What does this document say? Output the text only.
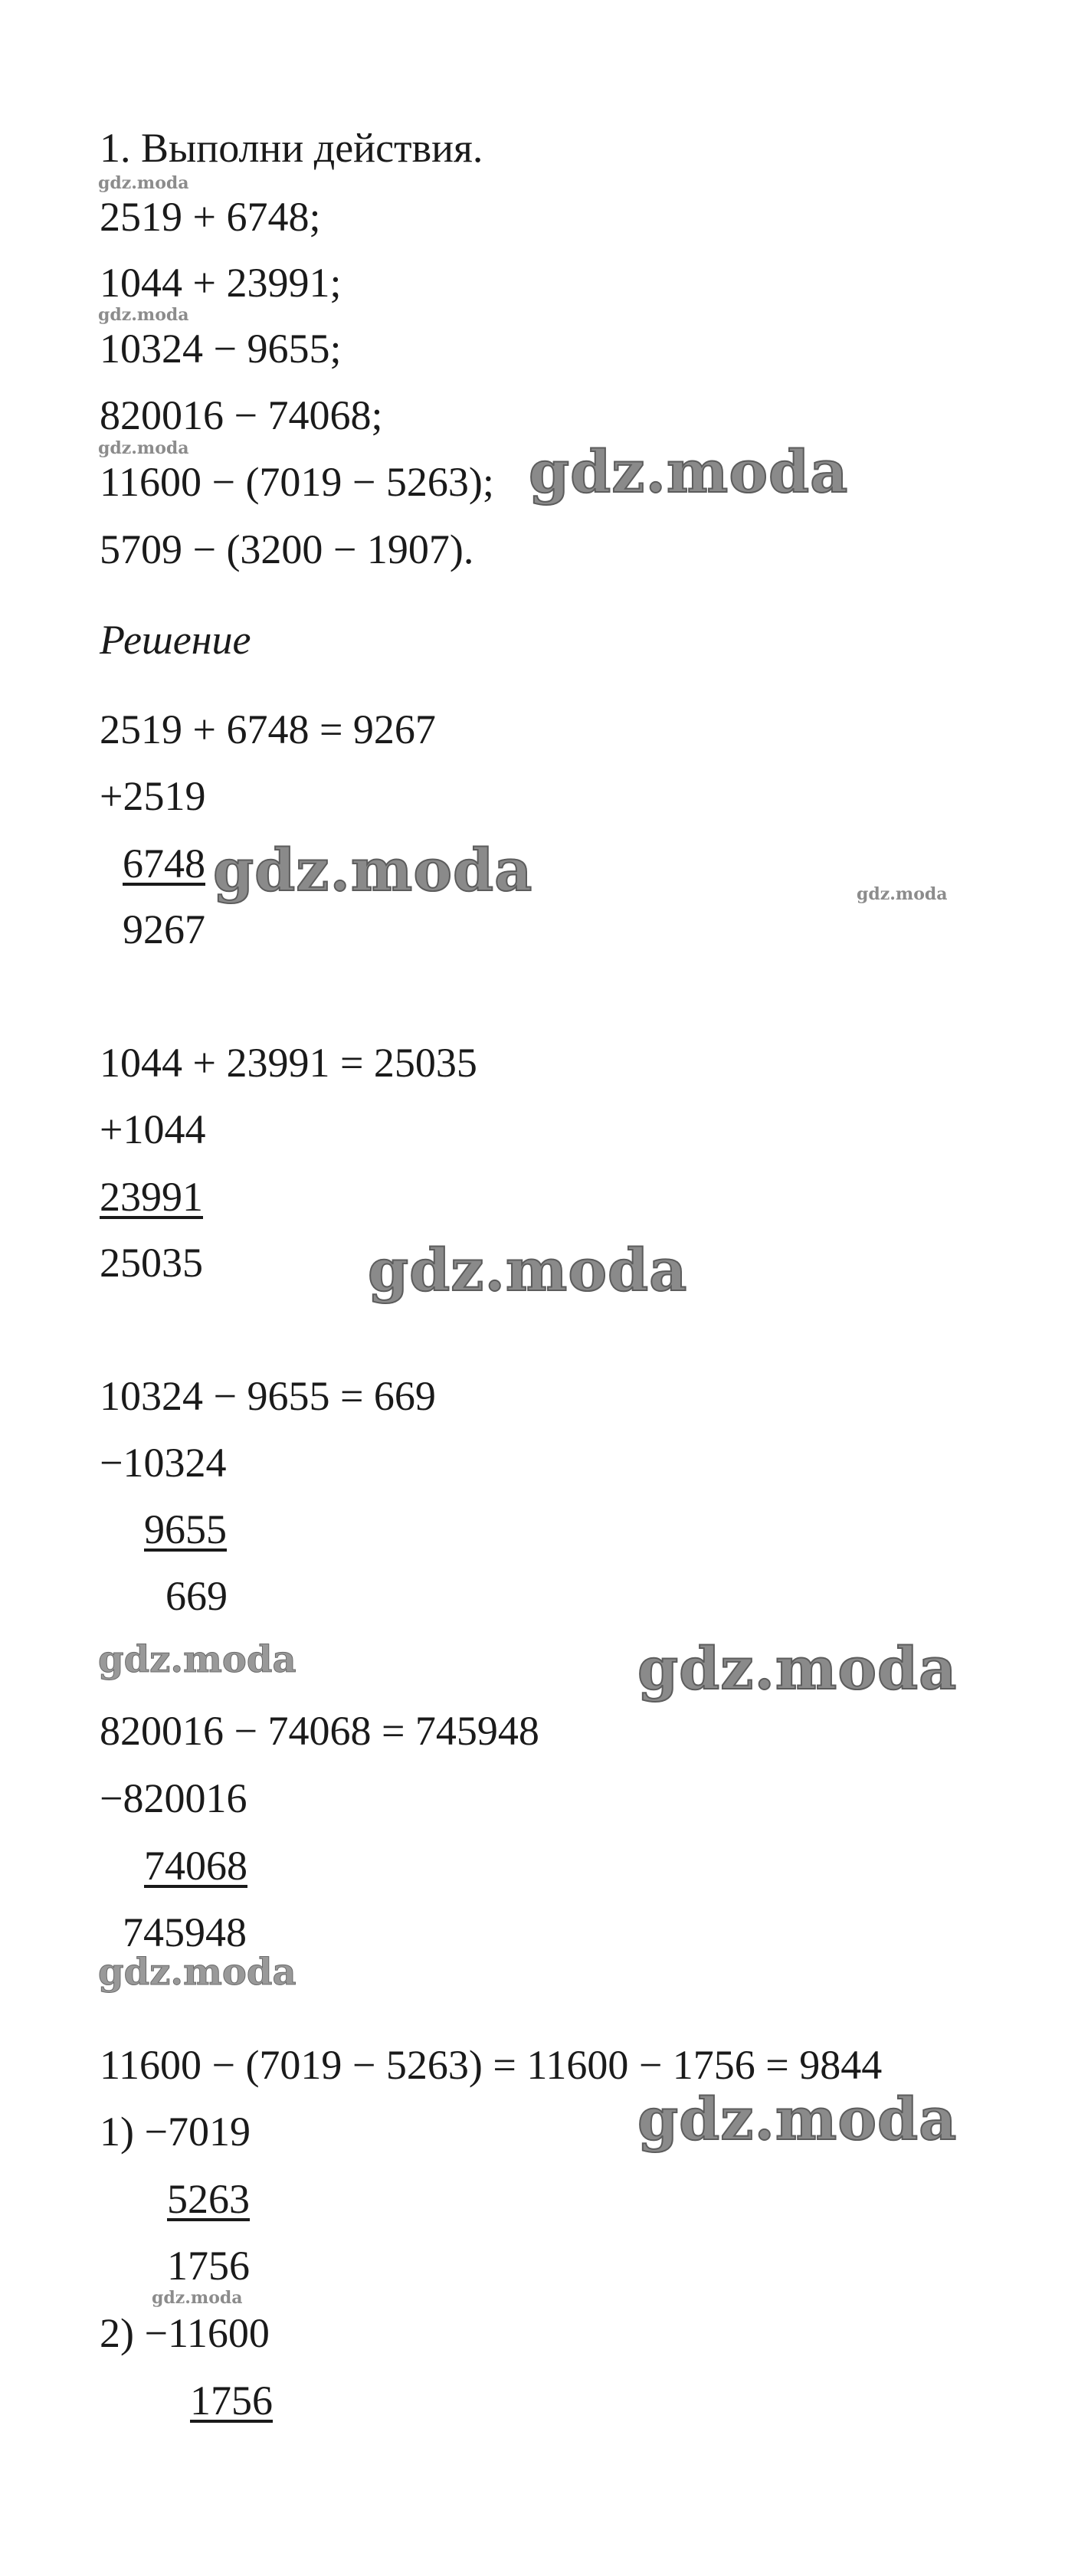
1. Выполни действия.
2519 + 6748;
1044 + 23991;
10324 − 9655;
820016 − 74068;
11600 − (7019 − 5263);
5709 − (3200 − 1907).
Решение
2519 + 6748 = 9267
+2519
6748
9267
1044 + 23991 = 25035
+1044
23991
25035
10324 − 9655 = 669
−10324
9655
669
820016 − 74068 = 745948
−820016
74068
745948
11600 − (7019 − 5263) = 11600 − 1756 = 9844
1) −7019
5263
1756
2) −11600
1756
gdz.moda
gdz.moda
gdz.moda	gdz.moda
gdz.moda	gdz.moda
gdz.moda
gdz.moda	gdz.moda
gdz.moda
gdz.moda
gdz.moda
